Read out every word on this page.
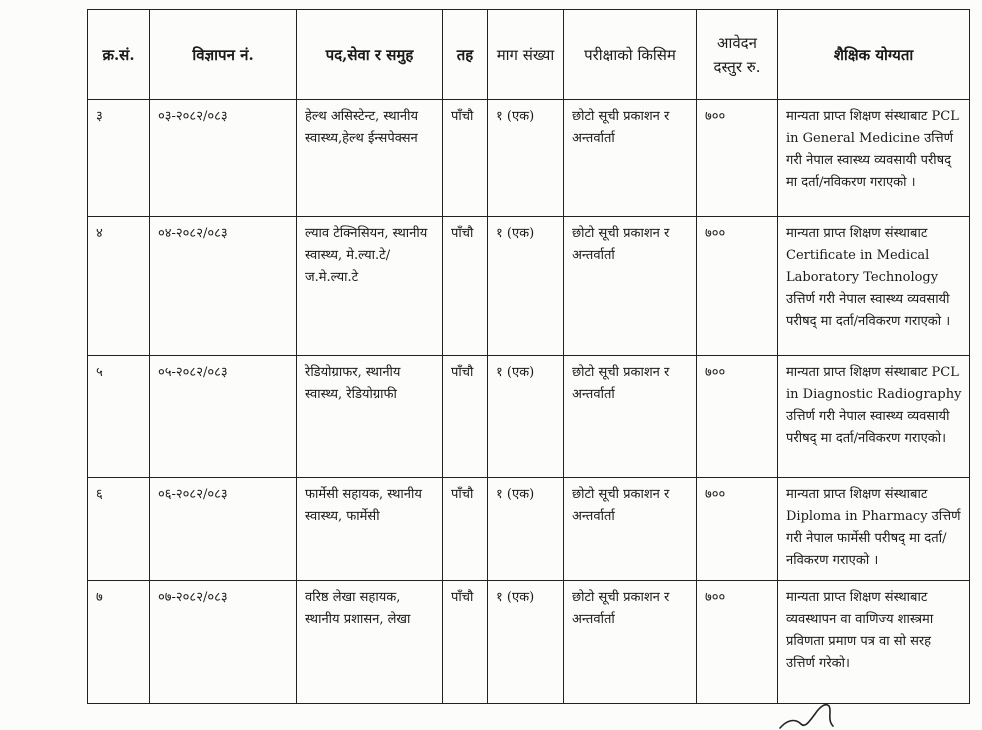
क्र.सं.	विज्ञापन नं.	पद,सेवा र समुह	तह	माग संख्या	परीक्षाको किसिम	आवेदन दस्तुर रु.	शैक्षिक योग्यता
३	०३-२०८२/०८३	हेल्थ असिस्टेन्ट, स्थानीय स्वास्थ्य,हेल्थ ईन्सपेक्सन	पाँचौ	१ (एक)	छोटो सूची प्रकाशन र अन्तर्वार्ता	७००	मान्यता प्राप्त शिक्षण संस्थाबाट PCL in General Medicine उत्तिर्ण गरी नेपाल स्वास्थ्य व्यवसायी परीषद् मा दर्ता/नविकरण गराएको ।
४	०४-२०८२/०८३	ल्याव टेक्निसियन, स्थानीय स्वास्थ्य, मे.ल्या.टे/ज.मे.ल्या.टे	पाँचौ	१ (एक)	छोटो सूची प्रकाशन र अन्तर्वार्ता	७००	मान्यता प्राप्त शिक्षण संस्थाबाट Certificate in Medical Laboratory Technology उत्तिर्ण गरी नेपाल स्वास्थ्य व्यवसायी परीषद् मा दर्ता/नविकरण गराएको ।
५	०५-२०८२/०८३	रेडियोग्राफर, स्थानीय स्वास्थ्य, रेडियोग्राफी	पाँचौ	१ (एक)	छोटो सूची प्रकाशन र अन्तर्वार्ता	७००	मान्यता प्राप्त शिक्षण संस्थाबाट PCL in Diagnostic Radiography उत्तिर्ण गरी नेपाल स्वास्थ्य व्यवसायी परीषद् मा दर्ता/नविकरण गराएको।
६	०६-२०८२/०८३	फार्मेसी सहायक, स्थानीय स्वास्थ्य, फार्मेसी	पाँचौ	१ (एक)	छोटो सूची प्रकाशन र अन्तर्वार्ता	७००	मान्यता प्राप्त शिक्षण संस्थाबाट Diploma in Pharmacy उत्तिर्ण गरी नेपाल फार्मेसी परीषद् मा दर्ता/नविकरण गराएको ।
७	०७-२०८२/०८३	वरिष्ठ लेखा सहायक, स्थानीय प्रशासन, लेखा	पाँचौ	१ (एक)	छोटो सूची प्रकाशन र अन्तर्वार्ता	७००	मान्यता प्राप्त शिक्षण संस्थाबाट व्यवस्थापन वा वाणिज्य शास्त्रमा प्रविणता प्रमाण पत्र वा सो सरह उत्तिर्ण गरेको।
